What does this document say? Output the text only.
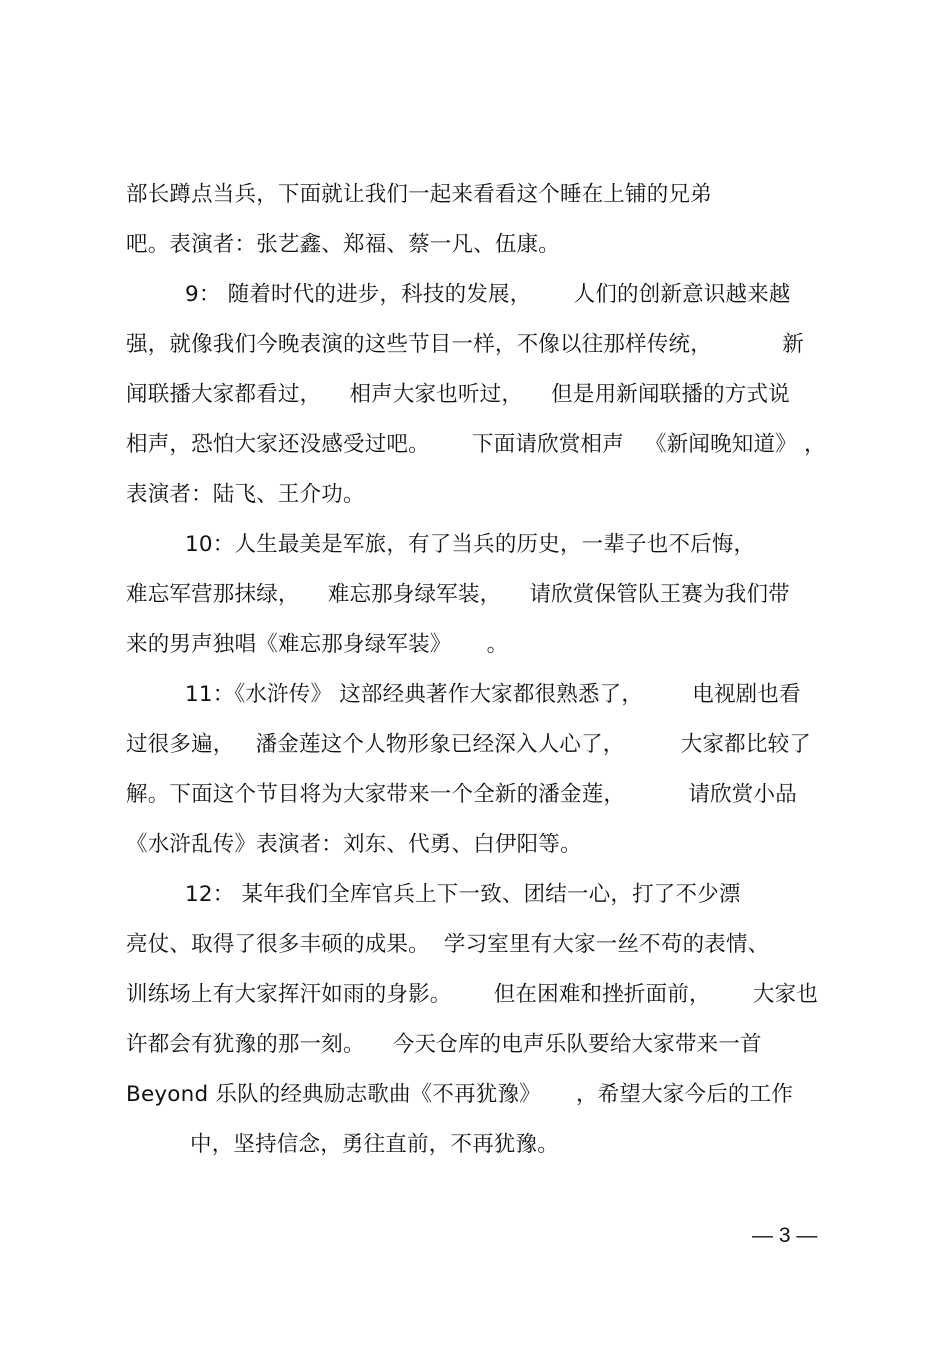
部长蹲点当兵，下面就让我们一起来看看这个睡在上铺的兄弟
吧。表演者：张艺鑫、郑福、蔡一凡、伍康。
9： 随着时代的进步，科技的发展，      人们的创新意识越来越
强，就像我们今晚表演的这些节目一样，不像以往那样传统，          新
闻联播大家都看过，    相声大家也听过，    但是用新闻联播的方式说
相声，恐怕大家还没感受过吧。      下面请欣赏相声   《新闻晚知道》 ，
表演者：陆飞、王介功。
10：人生最美是军旅，有了当兵的历史，一辈子也不后悔，
难忘军营那抹绿，    难忘那身绿军装，    请欣赏保管队王赛为我们带
来的男声独唱《难忘那身绿军装》     。
11：《水浒传》 这部经典著作大家都很熟悉了，       电视剧也看
过很多遍，   潘金莲这个人物形象已经深入人心了，        大家都比较了
解。下面这个节目将为大家带来一个全新的潘金莲，         请欣赏小品
《水浒乱传》表演者：刘东、代勇、白伊阳等。
12： 某年我们全库官兵上下一致、团结一心，打了不少漂
亮仗、取得了很多丰硕的成果。  学习室里有大家一丝不苟的表情、
训练场上有大家挥汗如雨的身影。      但在困难和挫折面前，      大家也
许都会有犹豫的那一刻。    今天仓库的电声乐队要给大家带来一首
Beyond 乐队的经典励志歌曲《不再犹豫》     ，希望大家今后的工作
中，坚持信念，勇往直前，不再犹豫。
— 3 —
